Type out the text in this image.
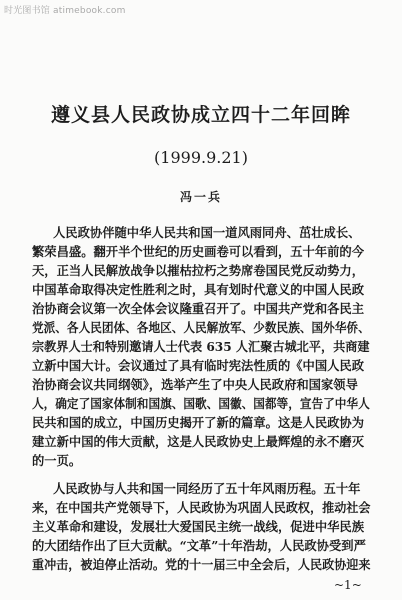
时光图书馆 atimebook.com
遵义县人民政协成立四十二年回眸
(1999.9.21)
冯一兵
人民政协伴随中华人民共和国一道风雨同舟、茁壮成长、
繁荣昌盛。翻开半个世纪的历史画卷可以看到，五十年前的今
天，正当人民解放战争以摧枯拉朽之势席卷国民党反动势力，
中国革命取得决定性胜利之时，具有划时代意义的中国人民政
治协商会议第一次全体会议隆重召开了。中国共产党和各民主
党派、各人民团体、各地区、人民解放军、少数民族、国外华侨、
宗教界人士和特别邀请人士代表 635 人汇聚古城北平，共商建
立新中国大计。会议通过了具有临时宪法性质的《中国人民政
治协商会议共同纲领》，选举产生了中央人民政府和国家领导
人，确定了国家体制和国旗、国歌、国徽、国都等，宣告了中华人
民共和国的成立，中国历史揭开了新的篇章。这是人民政协为
建立新中国的伟大贡献，这是人民政协史上最辉煌的永不磨灭
的一页。
人民政协与人共和国一同经历了五十年风雨历程。五十年
来，在中国共产党领导下，人民政协为巩固人民政权，推动社会
主义革命和建设，发展壮大爱国民主统一战线，促进中华民族
的大团结作出了巨大贡献。“文革”十年浩劫，人民政协受到严
重冲击，被迫停止活动。党的十一届三中全会后，人民政协迎来
~1~
